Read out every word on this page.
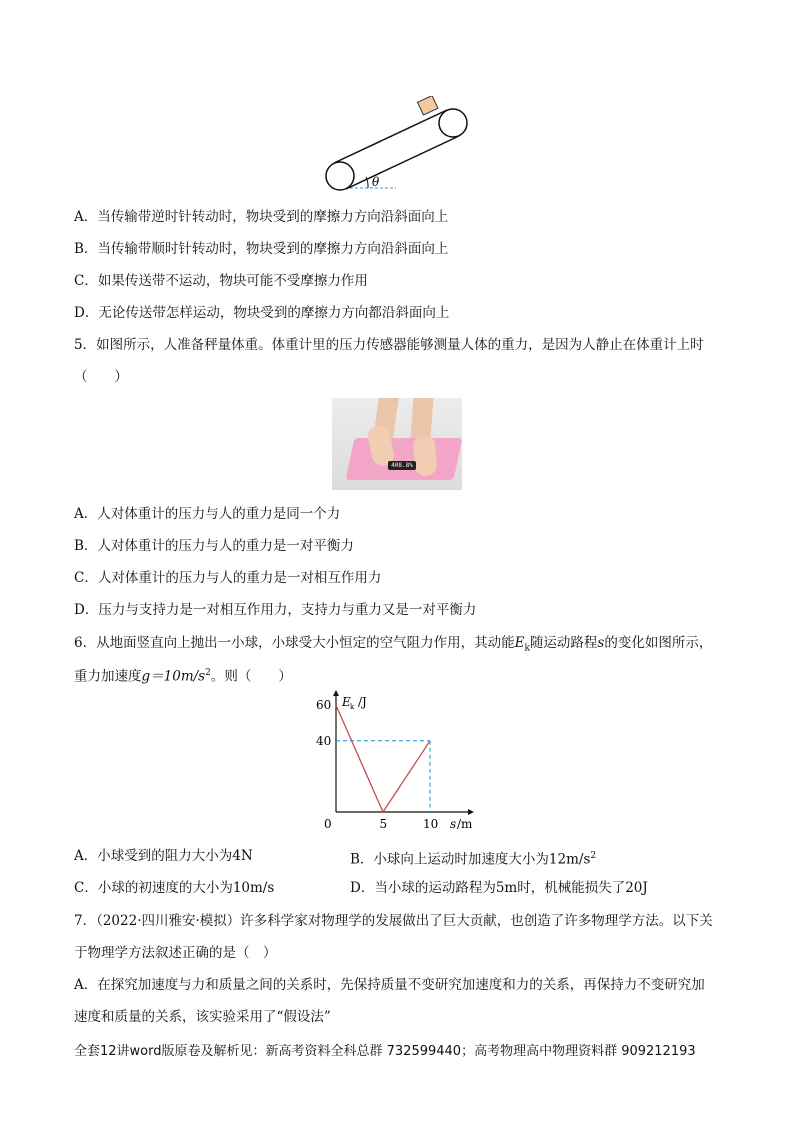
θ
A．当传输带逆时针转动时，物块受到的摩擦力方向沿斜面向上
B．当传输带顺时针转动时，物块受到的摩擦力方向沿斜面向上
C．如果传送带不运动，物块可能不受摩擦力作用
D．无论传送带怎样运动，物块受到的摩擦力方向都沿斜面向上
5．如图所示，人准备秤量体重。体重计里的压力传感器能够测量人体的重力，是因为人静止在体重计上时
（　　）
408.8%
A．人对体重计的压力与人的重力是同一个力
B．人对体重计的压力与人的重力是一对平衡力
C．人对体重计的压力与人的重力是一对相互作用力
D．压力与支持力是一对相互作用力，支持力与重力又是一对平衡力
6．从地面竖直向上抛出一小球，小球受大小恒定的空气阻力作用，其动能$E_k$随运动路程s的变化如图所示，
重力加速度$g=10m/s^2$。则（　　）
0	5	10
60
40
E k /J
s /m
A．小球受到的阻力大小为4N	B．小球向上运动时加速度大小为$12m/s^2$
C．小球的初速度的大小为10m/s	D．当小球的运动路程为5m时，机械能损失了20J
7．（2022·四川雅安·模拟）许多科学家对物理学的发展做出了巨大贡献，也创造了许多物理学方法。以下关
于物理学方法叙述正确的是（　）
A．在探究加速度与力和质量之间的关系时，先保持质量不变研究加速度和力的关系，再保持力不变研究加
速度和质量的关系，该实验采用了“假设法”
全套12讲word版原卷及解析见：新高考资料全科总群 732599440；高考物理高中物理资料群 909212193
